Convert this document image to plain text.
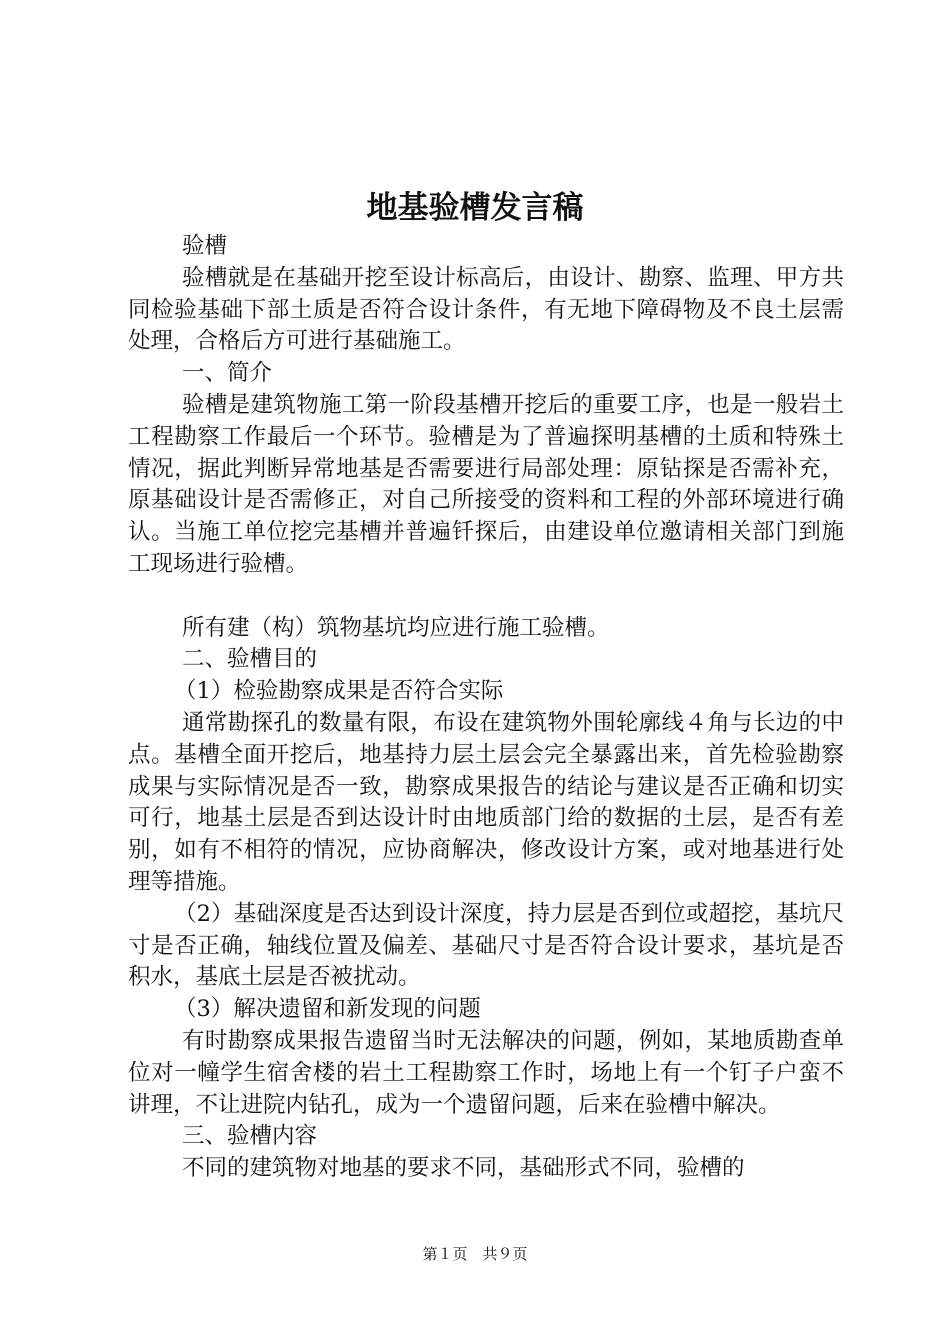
地基验槽发言稿

验槽

验槽就是在基础开挖至设计标高后，由设计、勘察、监理、甲方共同检验基础下部土质是否符合设计条件，有无地下障碍物及不良土层需处理，合格后方可进行基础施工。

一、简介

验槽是建筑物施工第一阶段基槽开挖后的重要工序，也是一般岩土工程勘察工作最后一个环节。验槽是为了普遍探明基槽的土质和特殊土情况，据此判断异常地基是否需要进行局部处理：原钻探是否需补充，原基础设计是否需修正，对自己所接受的资料和工程的外部环境进行确认。当施工单位挖完基槽并普遍钎探后，由建设单位邀请相关部门到施工现场进行验槽。

所有建（构）筑物基坑均应进行施工验槽。

二、验槽目的

（1）检验勘察成果是否符合实际

通常勘探孔的数量有限，布设在建筑物外围轮廓线４角与长边的中点。基槽全面开挖后，地基持力层土层会完全暴露出来，首先检验勘察成果与实际情况是否一致，勘察成果报告的结论与建议是否正确和切实可行，地基土层是否到达设计时由地质部门给的数据的土层，是否有差别，如有不相符的情况，应协商解决，修改设计方案，或对地基进行处理等措施。

（2）基础深度是否达到设计深度，持力层是否到位或超挖，基坑尺寸是否正确，轴线位置及偏差、基础尺寸是否符合设计要求，基坑是否积水，基底土层是否被扰动。

（3）解决遗留和新发现的问题

有时勘察成果报告遗留当时无法解决的问题，例如，某地质勘查单位对一幢学生宿舍楼的岩土工程勘察工作时，场地上有一个钉子户蛮不讲理，不让进院内钻孔，成为一个遗留问题，后来在验槽中解决。

三、验槽内容

不同的建筑物对地基的要求不同，基础形式不同，验槽的

第１页　共９页
